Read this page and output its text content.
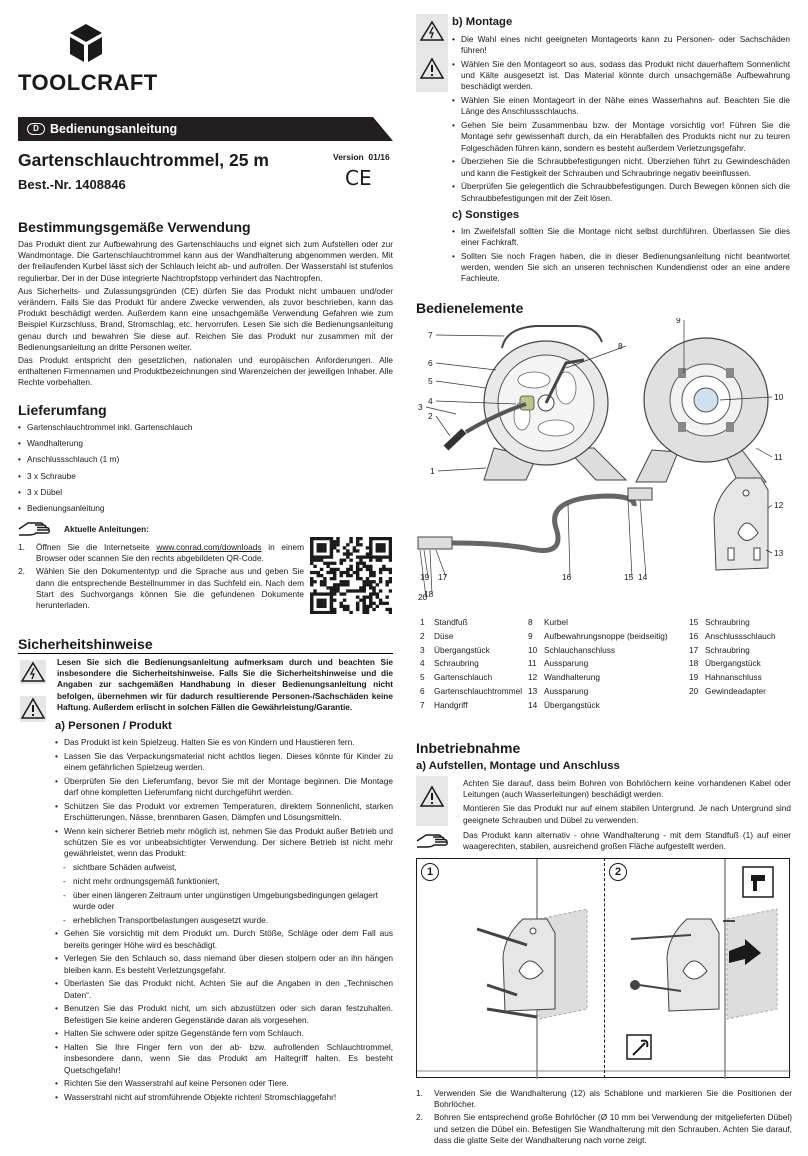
TOOLCRAFT
D Bedienungsanleitung
Gartenschlauchtrommel, 25 m
Best.-Nr. 1408846
Version  01/16
CE
Bestimmungsgemäße Verwendung

Das Produkt dient zur Aufbewahrung des Gartenschlauchs und eignet sich zum Aufstellen oder zur Wandmontage. Die Gartenschlauchtrommel kann aus der Wandhalterung abgenommen werden. Mit der freilaufenden Kurbel lässt sich der Schlauch leicht ab- und aufrollen. Der Wasserstahl ist stufenlos regulierbar. Der in der Düse integrierte Nachtropfstopp verhindert das Nachtropfen.

Aus Sicherheits- und Zulassungsgründen (CE) dürfen Sie das Produkt nicht umbauen und/oder verändern. Falls Sie das Produkt für andere Zwecke verwenden, als zuvor beschrieben, kann das Produkt beschädigt werden. Außerdem kann eine unsachgemäße Verwendung Gefahren wie zum Beispiel Kurzschluss, Brand, Stromschlag, etc. hervorrufen. Lesen Sie sich die Bedienungsanleitung genau durch und bewahren Sie diese auf. Reichen Sie das Produkt nur zusammen mit der Bedienungsanleitung an dritte Personen weiter.

Das Produkt entspricht den gesetzlichen, nationalen und europäischen Anforderungen. Alle enthaltenen Firmennamen und Produktbezeichnungen sind Warenzeichen der jeweiligen Inhaber. Alle Rechte vorbehalten.

Lieferumfang
• Gartenschlauchtrommel inkl. Gartenschlauch
• Wandhalterung
• Anschlussschlauch (1 m)
• 3 x Schraube
• 3 x Dübel
• Bedienungsanleitung
Aktuelle Anleitungen:
1. Öffnen Sie die Internetseite www.conrad.com/downloads in einem Browser oder scannen Sie den rechts abgebildeten QR-Code.
2. Wählen Sie den Dokumententyp und die Sprache aus und geben Sie dann die entsprechende Bestellnummer in das Suchfeld ein. Nach dem Start des Suchvorgangs können Sie die gefundenen Dokumente herunterladen.
Sicherheitshinweise
Lesen Sie sich die Bedienungsanleitung aufmerksam durch und beachten Sie insbesondere die Sicherheitshinweise. Falls Sie die Sicherheitshinweise und die Angaben zur sachgemäßen Handhabung in dieser Bedienungsanleitung nicht befolgen, übernehmen wir für dadurch resultierende Personen-/Sachschäden keine Haftung. Außerdem erlischt in solchen Fällen die Gewährleistung/Garantie.
a) Personen / Produkt
• Das Produkt ist kein Spielzeug. Halten Sie es von Kindern und Haustieren fern.
• Lassen Sie das Verpackungsmaterial nicht achtlos liegen. Dieses könnte für Kinder zu einem gefährlichen Spielzeug werden.
• Überprüfen Sie den Lieferumfang, bevor Sie mit der Montage beginnen. Die Montage darf ohne kompletten Lieferumfang nicht durchgeführt werden.
• Schützen Sie das Produkt vor extremen Temperaturen, direktem Sonnenlicht, starken Erschütterungen, Nässe, brennbaren Gasen, Dämpfen und Lösungsmitteln.
• Wenn kein sicherer Betrieb mehr möglich ist, nehmen Sie das Produkt außer Betrieb und schützen Sie es vor unbeabsichtigter Verwendung. Der sichere Betrieb ist nicht mehr gewährleistet, wenn das Produkt:
- sichtbare Schäden aufweist,
- nicht mehr ordnungsgemäß funktioniert,
- über einen längeren Zeitraum unter ungünstigen Umgebungsbedingungen gelagert wurde oder
- erheblichen Transportbelastungen ausgesetzt wurde.
• Gehen Sie vorsichtig mit dem Produkt um. Durch Stöße, Schläge oder dem Fall aus bereits geringer Höhe wird es beschädigt.
• Verlegen Sie den Schlauch so, dass niemand über diesen stolpern oder an ihn hängen bleiben kann. Es besteht Verletzungsgefahr.
• Überlasten Sie das Produkt nicht. Achten Sie auf die Angaben in den „Technischen Daten“.
• Benutzen Sie das Produkt nicht, um sich abzustützen oder sich daran festzuhalten. Befestigen Sie keine anderen Gegenstände daran als vorgesehen.
• Halten Sie schwere oder spitze Gegenstände fern vom Schlauch.
• Halten Sie Ihre Finger fern von der ab- bzw. aufrollenden Schlauchtrommel, insbesondere dann, wenn Sie das Produkt am Haltegriff halten. Es besteht Quetschgefahr!
• Richten Sie den Wasserstrahl auf keine Personen oder Tiere.
• Wasserstrahl nicht auf stromführende Objekte richten! Stromschlaggefahr!
b) Montage
• Die Wahl eines nicht geeigneten Montageorts kann zu Personen- oder Sachschäden führen!
• Wählen Sie den Montageort so aus, sodass das Produkt nicht dauerhaftem Sonnenlicht und Kälte ausgesetzt ist. Das Material könnte durch unsachgemäße Aufbewahrung beschädigt werden.
• Wählen Sie einen Montageort in der Nähe eines Wasserhahns auf. Beachten Sie die Länge des Anschlussschlauchs.
• Gehen Sie beim Zusammenbau bzw. der Montage vorsichtig vor! Führen Sie die Montage sehr gewissenhaft durch, da ein Herabfallen des Produkts nicht nur zu teuren Folgeschäden führen kann, sondern es besteht außerdem Verletzungsgefahr.
• Überziehen Sie die Schraubbefestigungen nicht. Überziehen führt zu Gewindeschäden und kann die Festigkeit der Schrauben und Schraubringe negativ beeinflussen.
• Überprüfen Sie gelegentlich die Schraubbefestigungen. Durch Bewegen können sich die Schraubbefestigungen mit der Zeit lösen.
c) Sonstiges
• Im Zweifelsfall sollten Sie die Montage nicht selbst durchführen. Überlassen Sie dies einer Fachkraft.
• Sollten Sie noch Fragen haben, die in dieser Bedienungsanleitung nicht beantwortet werden, wenden Sie sich an unseren technischen Kundendienst oder an eine andere Fachleute.
Bedienelemente
1
2
3
4
5
6
7
8
9
10
11
12
13
14
15
16
17
18
19
20
1 Standfuß
2 Düse
3 Übergangstück
4 Schraubring
5 Gartenschlauch
6 Gartenschlauchtrommel
7 Handgriff
8 Kurbel
9 Aufbewahrungsnoppe (beidseitig)
10 Schlauchanschluss
11 Aussparung
12 Wandhalterung
13 Aussparung
14 Übergangstück
15 Schraubring
16 Anschlussschlauch
17 Schraubring
18 Übergangstück
19 Hahnanschluss
20 Gewindeadapter
Inbetriebnahme
a) Aufstellen, Montage und Anschluss

Achten Sie darauf, dass beim Bohren von Bohrlöchern keine vorhandenen Kabel oder Leitungen (auch Wasserleitungen) beschädigt werden.

Montieren Sie das Produkt nur auf einem stabilen Untergrund. Je nach Untergrund sind geeignete Schrauben und Dübel zu verwenden.

Das Produkt kann alternativ - ohne Wandhalterung - mit dem Standfuß (1) auf einer waagerechten, stabilen, ausreichend großen Fläche aufgestellt werden.
1	2
1. Verwenden Sie die Wandhalterung (12) als Schablone und markieren Sie die Positionen der Bohrlöcher.
2. Bohren Sie entsprechend große Bohrlöcher (Ø 10 mm bei Verwendung der mitgelieferten Dübel) und setzen die Dübel ein. Befestigen Sie Wandhalterung mit den Schrauben. Achten Sie darauf, dass die glatte Seite der Wandhalterung nach vorne zeigt.
